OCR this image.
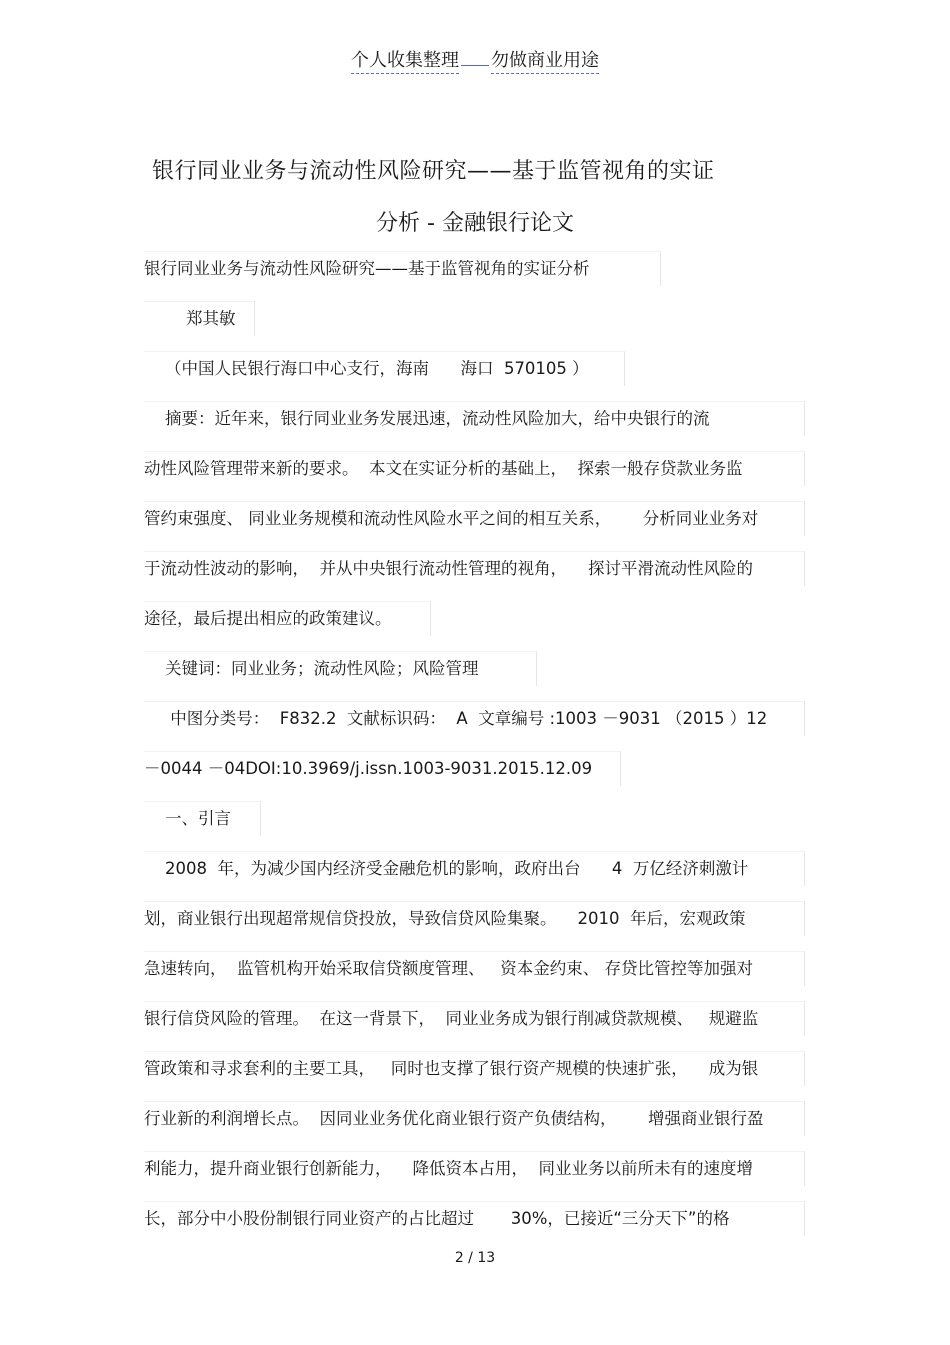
个人收集整理 勿做商业用途
银行同业业务与流动性风险研究——基于监管视角的实证
分析 - 金融银行论文
银行同业业务与流动性风险研究——基于监管视角的实证分析
郑其敏
（中国人民银行海口中心支行，海南      海口  570105 ）
摘要：近年来，银行同业业务发展迅速，流动性风险加大，给中央银行的流
动性风险管理带来新的要求。  本文在实证分析的基础上，  探索一般存贷款业务监
管约束强度、 同业业务规模和流动性风险水平之间的相互关系，      分析同业业务对
于流动性波动的影响，  并从中央银行流动性管理的视角，    探讨平滑流动性风险的
途径，最后提出相应的政策建议。
关键词：同业业务；流动性风险；风险管理
中图分类号：  F832.2  文献标识码：  A  文章编号 :1003 －9031 （2015 ）12
－0044 －04DOI:10.3969/j.issn.1003-9031.2015.12.09
一、引言
2008  年，为减少国内经济受金融危机的影响，政府出台      4  万亿经济刺激计
划，商业银行出现超常规信贷投放，导致信贷风险集聚。    2010  年后，宏观政策
急速转向，  监管机构开始采取信贷额度管理、   资本金约束、 存贷比管控等加强对
银行信贷风险的管理。  在这一背景下，  同业业务成为银行削减贷款规模、   规避监
管政策和寻求套利的主要工具，   同时也支撑了银行资产规模的快速扩张，    成为银
行业新的利润增长点。  因同业业务优化商业银行资产负债结构，      增强商业银行盈
利能力，提升商业银行创新能力，    降低资本占用，  同业业务以前所未有的速度增
长，部分中小股份制银行同业资产的占比超过       30%，已接近“三分天下”的格
2 / 13
